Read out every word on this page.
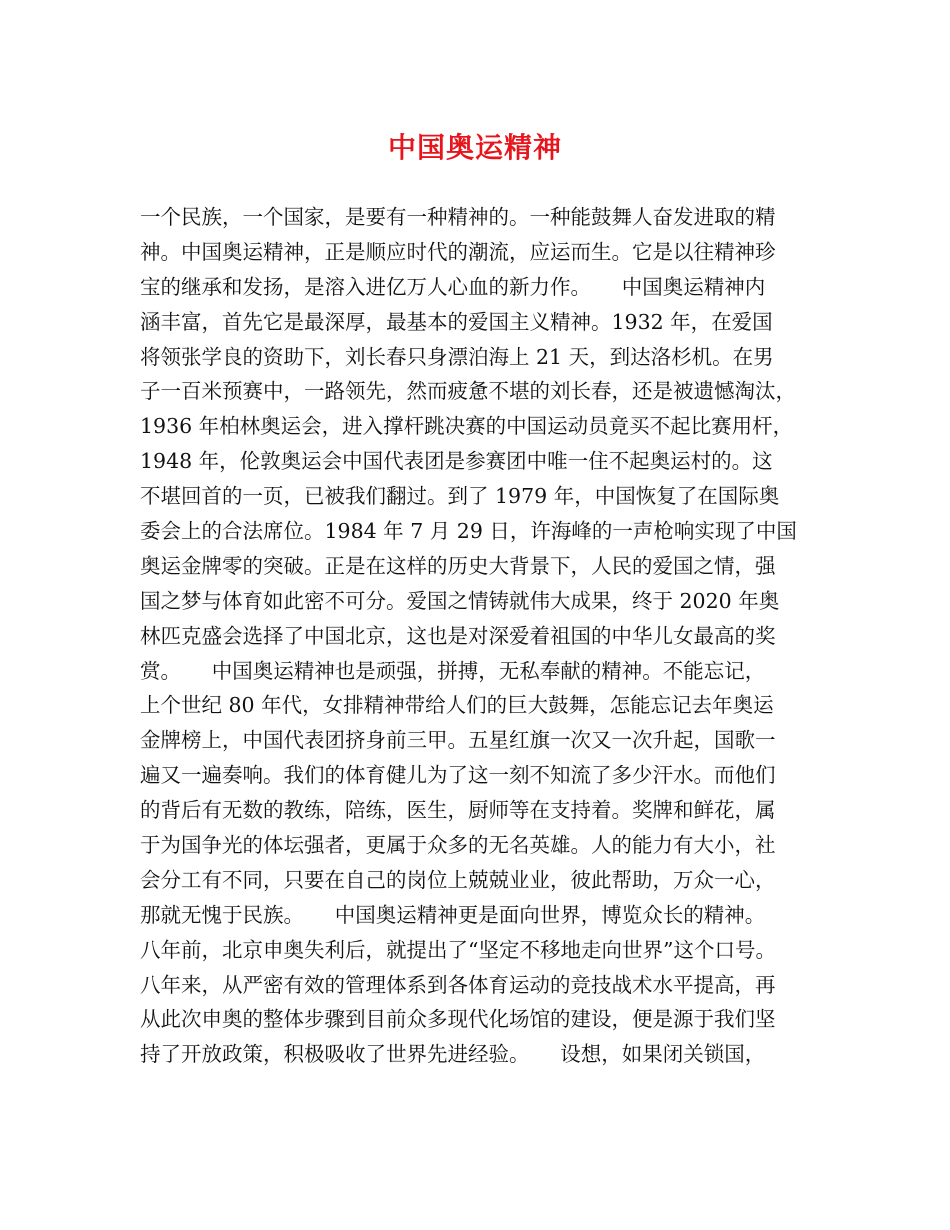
中国奥运精神
一个民族，一个国家，是要有一种精神的。一种能鼓舞人奋发进取的精
神。中国奥运精神，正是顺应时代的潮流，应运而生。它是以往精神珍
宝的继承和发扬，是溶入进亿万人心血的新力作。　　中国奥运精神内
涵丰富，首先它是最深厚，最基本的爱国主义精神。1932 年，在爱国
将领张学良的资助下，刘长春只身漂泊海上 21 天，到达洛杉机。在男
子一百米预赛中，一路领先，然而疲惫不堪的刘长春，还是被遗憾淘汰，
1936 年柏林奥运会，进入撑杆跳决赛的中国运动员竟买不起比赛用杆，
1948 年，伦敦奥运会中国代表团是参赛团中唯一住不起奥运村的。这
不堪回首的一页，已被我们翻过。到了 1979 年，中国恢复了在国际奥
委会上的合法席位。1984 年 7 月 29 日，许海峰的一声枪响实现了中国
奥运金牌零的突破。正是在这样的历史大背景下，人民的爱国之情，强
国之梦与体育如此密不可分。爱国之情铸就伟大成果，终于 2020 年奥
林匹克盛会选择了中国北京，这也是对深爱着祖国的中华儿女最高的奖
赏。　　中国奥运精神也是顽强，拼搏，无私奉献的精神。不能忘记，
上个世纪 80 年代，女排精神带给人们的巨大鼓舞，怎能忘记去年奥运
金牌榜上，中国代表团挤身前三甲。五星红旗一次又一次升起，国歌一
遍又一遍奏响。我们的体育健儿为了这一刻不知流了多少汗水。而他们
的背后有无数的教练，陪练，医生，厨师等在支持着。奖牌和鲜花，属
于为国争光的体坛强者，更属于众多的无名英雄。人的能力有大小，社
会分工有不同，只要在自己的岗位上兢兢业业，彼此帮助，万众一心，
那就无愧于民族。　　中国奥运精神更是面向世界，博览众长的精神。
八年前，北京申奥失利后，就提出了“坚定不移地走向世界”这个口号。
八年来，从严密有效的管理体系到各体育运动的竞技战术水平提高，再
从此次申奥的整体步骤到目前众多现代化场馆的建设，便是源于我们坚
持了开放政策，积极吸收了世界先进经验。　　设想，如果闭关锁国，
